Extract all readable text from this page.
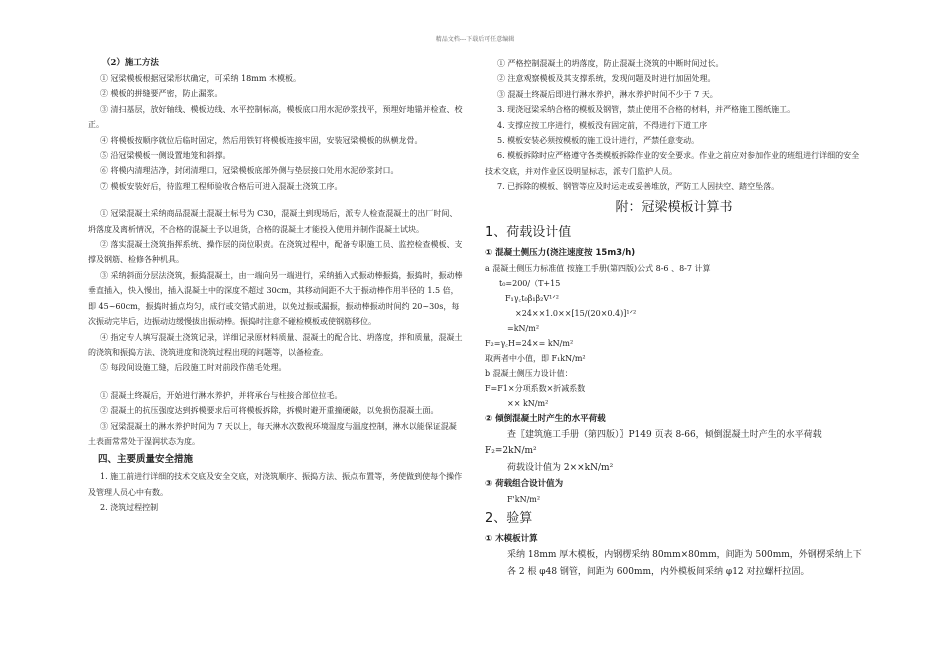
精品文档---下载后可任意编辑

（2）施工方法

① 冠梁模板根据冠梁形状确定，可采纳 18mm 木模板。

② 模板的拼缝要严密，防止漏浆。

③ 清扫基层，放好轴线、模板边线、水平控制标高，模板底口用水泥砂浆找平，预埋好地锚并检查、校正。

④ 将模板按顺序就位后临时固定，然后用铁钉将模板连接牢固，安装冠梁模板的纵横龙骨。

⑤ 沿冠梁模板一侧设置地笼和斜撑。

⑥ 将模内清理洁净，封闭清理口，冠梁模板底部外侧与垫层接口处用水泥砂浆封口。

⑦ 模板安装好后，待监理工程师验收合格后可进入混凝土浇筑工序。

① 冠梁混凝土采纳商品混凝土混凝土标号为 C30，混凝土到现场后，派专人检查混凝土的出厂时间、坍落度及离析情况，不合格的混凝土予以退货，合格的混凝土才能投入使用并制作混凝土试块。

② 落实混凝土浇筑指挥系统、操作层的岗位职责。在浇筑过程中，配备专职施工员、监控检查模板、支撑及钢筋、检修各种机具。

③ 采纳斜面分层法浇筑，振捣混凝土，由一端向另一端进行，采纳插入式振动棒振捣，振捣时，振动棒垂直插入，快入慢出，插入混凝土中的深度不超过 30cm，其移动间距不大于振动棒作用半径的 1.5 倍，即 45~60cm，振捣时插点均匀，成行或交错式前进，以免过振或漏振，振动棒振动时间约 20~30s，每次振动完毕后，边振动边缓慢拔出振动棒。振捣时注意不碰检模板或使钢筋移位。

④ 指定专人填写混凝土浇筑记录，详细记录原材料质量、混凝土的配合比、坍落度，拌和质量，混凝土的浇筑和振捣方法、浇筑进度和浇筑过程出现的问题等，以备检查。

⑤ 每段间设施工缝，后段施工时对前段作凿毛处理。

① 混凝土终凝后，开始进行淋水养护，并将承台与柱接合部位拉毛。

② 混凝土的抗压强度达到拆模要求后可将模板拆除，拆模时避开重撞硬敲，以免损伤混凝土面。

③ 冠梁混凝土的淋水养护时间为 7 天以上，每天淋水次数视环境湿度与温度控制，淋水以能保证混凝土表面常常处于湿润状态为度。

四、主要质量安全措施

1. 施工前进行详细的技术交底及安全交底，对浇筑顺序、振捣方法、振点布置等，务使做到使每个操作及管理人员心中有数。

2. 浇筑过程控制

① 严格控制混凝土的坍落度，防止混凝土浇筑的中断时间过长。

② 注意观察模板及其支撑系统，发现问题及时进行加固处理。

③ 混凝土终凝后即进行淋水养护，淋水养护时间不少于 7 天。

3. 现浇冠梁采纳合格的模板及钢管，禁止使用不合格的材料，并严格施工图纸施工。

4. 支撑应按工序进行，模板没有固定前，不得进行下道工序

5. 模板安装必须按模板的施工设计进行，严禁任意变动。

6. 模板拆除时应严格遵守各类模板拆除作业的安全要求。作业之前应对参加作业的班组进行详细的安全技术交底，并对作业区设明显标志，派专门监护人员。

7. 已拆除的模板、钢管等应及时运走或妥善堆放，严防工人因扶空、踏空坠落。

附：冠梁模板计算书

1、荷载设计值

① 混凝土侧压力(浇注速度按 15m3/h)

a 混凝土侧压力标准值 按施工手册(第四版)公式 8-6 、8-7 计算

t₀=200/（T+15

F₁γ꜀t₀β₁β₂V¹ᐟ²

×24××1.0××[15/(20×0.4)]¹ᐟ²

=kN/m²

F₂=γ꜀H=24×= kN/m²

取两者中小值，即 F₁kN/m²

b 混凝土侧压力设计值：

F=F1×分项系数×折减系数

×× kN/m²

② 倾倒混凝土时产生的水平荷载

查〖建筑施工手册（第四版）〗P149 页表 8-66，倾倒混凝土时产生的水平荷载

F₂=2kN/m²

荷载设计值为 2××kN/m²

③ 荷载组合设计值为

F'kN/m²

2、验算

① 木模板计算

采纳 18mm 厚木模板，内钢楞采纳 80mm×80mm，间距为 500mm，外钢楞采纳上下各 2 根 φ48 钢管，间距为 600mm，内外模板间采纳 φ12 对拉螺杆拉固。
